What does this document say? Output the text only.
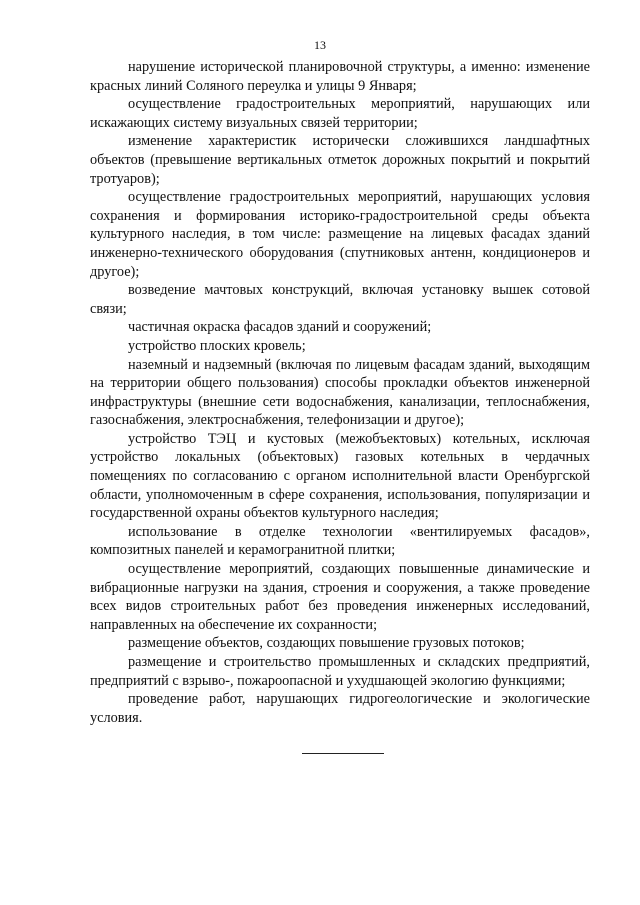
13

нарушение исторической планировочной структуры, а именно: изменение красных линий Соляного переулка и улицы 9 Января;

осуществление градостроительных мероприятий, нарушающих или искажающих систему визуальных связей территории;

изменение характеристик исторически сложившихся ландшафтных объектов (превышение вертикальных отметок дорожных покрытий и покрытий тротуаров);

осуществление градостроительных мероприятий, нарушающих условия сохранения и формирования историко-градостроительной среды объекта культурного наследия, в том числе: размещение на лицевых фасадах зданий инженерно-технического оборудования (спутниковых антенн, кондиционеров и другое);

возведение мачтовых конструкций, включая установку вышек сотовой связи;

частичная окраска фасадов зданий и сооружений;

устройство плоских кровель;

наземный и надземный (включая по лицевым фасадам зданий, выходящим на территории общего пользования) способы прокладки объектов инженерной инфраструктуры (внешние сети водоснабжения, канализации, теплоснабжения, газоснабжения, электроснабжения, телефонизации и другое);

устройство ТЭЦ и кустовых (межобъектовых) котельных, исключая устройство локальных (объектовых) газовых котельных в чердачных помещениях по согласованию с органом исполнительной власти Оренбургской области, уполномоченным в сфере сохранения, использования, популяризации и государственной охраны объектов культурного наследия;

использование в отделке технологии «вентилируемых фасадов», композитных панелей и керамогранитной плитки;

осуществление мероприятий, создающих повышенные динамические и вибрационные нагрузки на здания, строения и сооружения, а также проведение всех видов строительных работ без проведения инженерных исследований, направленных на обеспечение их сохранности;

размещение объектов, создающих повышение грузовых потоков;

размещение и строительство промышленных и складских предприятий, предприятий с взрыво-, пожароопасной и ухудшающей экологию функциями;

проведение работ, нарушающих гидрогеологические и экологические условия.
